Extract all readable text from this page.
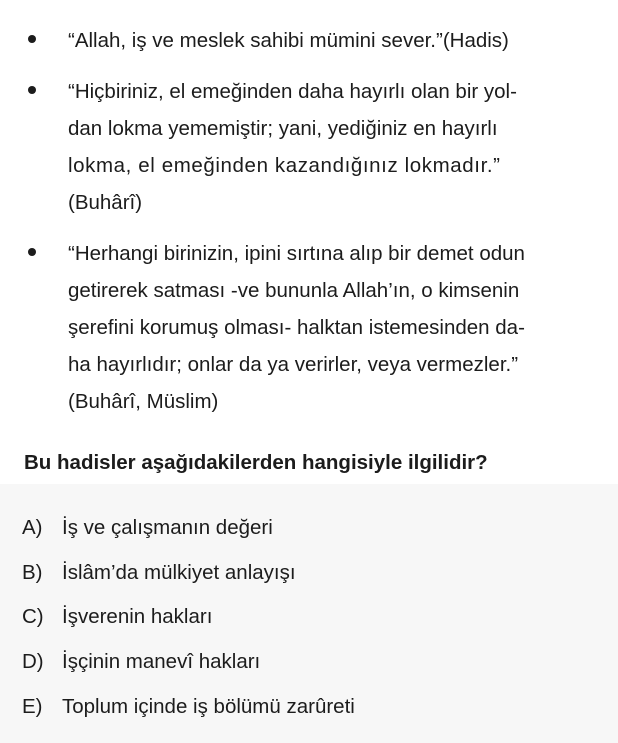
“Allah, iş ve meslek sahibi mümini sever.”(Hadis)
“Hiçbiriniz, el emeğinden daha hayırlı olan bir yol-
dan lokma yememiştir; yani, yediğiniz en hayırlı
lokma, el emeğinden kazandığınız lokmadır.”
(Buhârî)
“Herhangi birinizin, ipini sırtına alıp bir demet odun
getirerek satması -ve bununla Allah’ın, o kimsenin
şerefini korumuş olması- halktan istemesinden da-
ha hayırlıdır; onlar da ya verirler, veya vermezler.”
(Buhârî, Müslim)
Bu hadisler aşağıdakilerden hangisiyle ilgilidir?
A) İş ve çalışmanın değeri
B) İslâm’da mülkiyet anlayışı
C) İşverenin hakları
D) İşçinin manevî hakları
E) Toplum içinde iş bölümü zarûreti
